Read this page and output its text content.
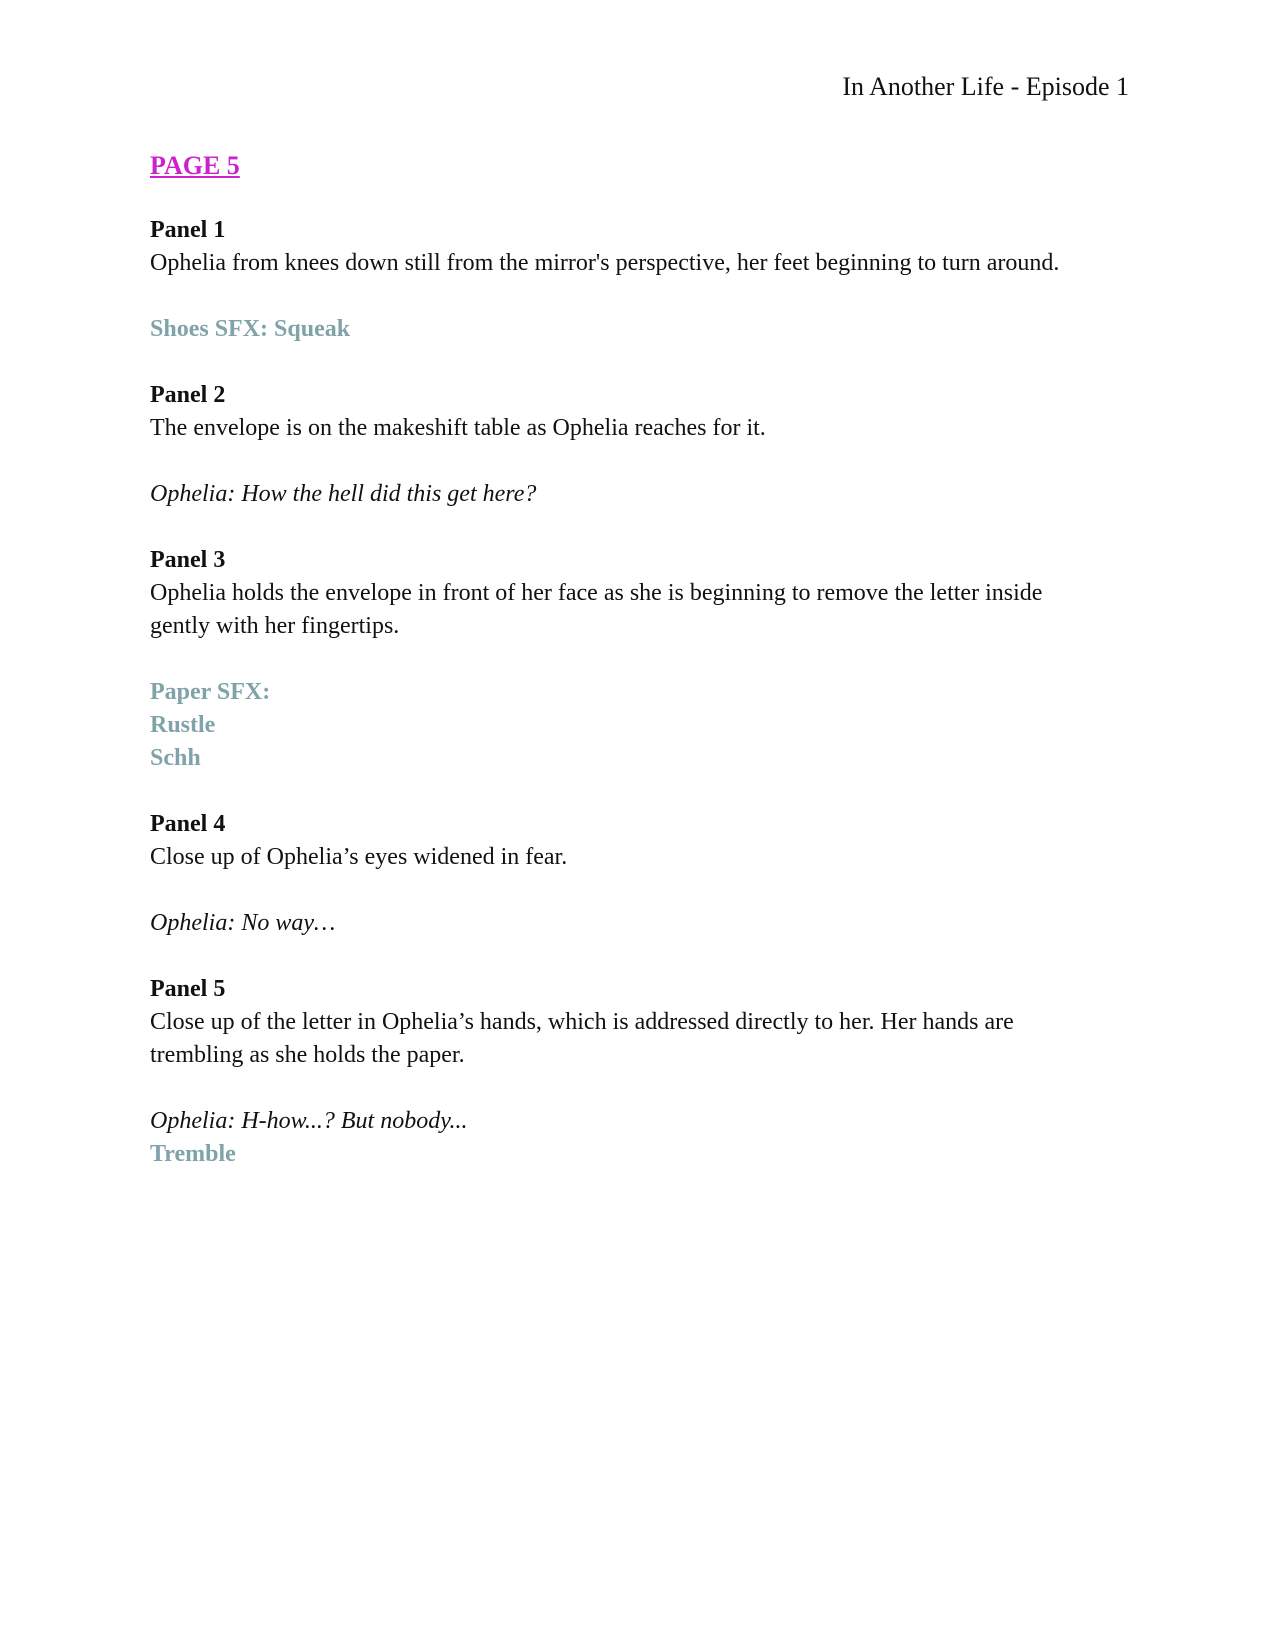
In Another Life - Episode 1
PAGE 5
Panel 1
Ophelia from knees down still from the mirror's perspective, her feet beginning to turn around.
Shoes SFX: Squeak
Panel 2
The envelope is on the makeshift table as Ophelia reaches for it.
Ophelia: How the hell did this get here?
Panel 3
Ophelia holds the envelope in front of her face as she is beginning to remove the letter inside
gently with her fingertips.
Paper SFX:
Rustle
Schh
Panel 4
Close up of Ophelia’s eyes widened in fear.
Ophelia: No way…
Panel 5
Close up of the letter in Ophelia’s hands, which is addressed directly to her. Her hands are
trembling as she holds the paper.
Ophelia: H-how...? But nobody...
Tremble
